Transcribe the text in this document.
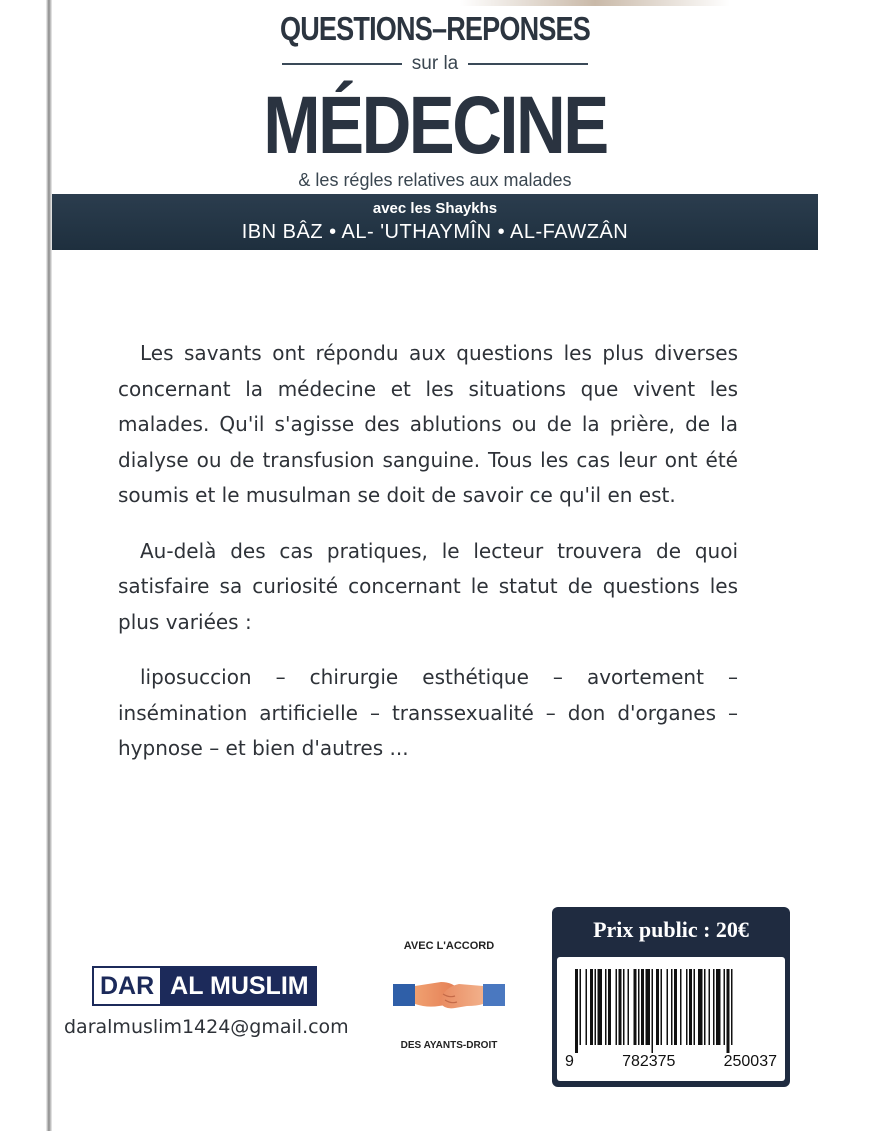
QUESTIONS–REPONSES
sur la
MÉDECINE
& les régles relatives aux malades
avec les Shaykhs
IBN BÂZ • AL- 'UTHAYMÎN • AL-FAWZÂN

Les savants ont répondu aux questions les plus diverses concernant la médecine et les situations que vivent les malades. Qu'il s'agisse des ablutions ou de la prière, de la dialyse ou de transfusion sanguine. Tous les cas leur ont été soumis et le musulman se doit de savoir ce qu'il en est.

Au-delà des cas pratiques, le lecteur trouvera de quoi satisfaire sa curiosité concernant le statut de questions les plus variées :

liposuccion – chirurgie esthétique – avortement – insémination artificielle – transsexualité – don d'organes – hypnose – et bien d'autres ...

DAR AL MUSLIM
daralmuslim1424@gmail.com
AVEC L'ACCORD
DES AYANTS-DROIT
Prix public : 20€
9	782375	250037
